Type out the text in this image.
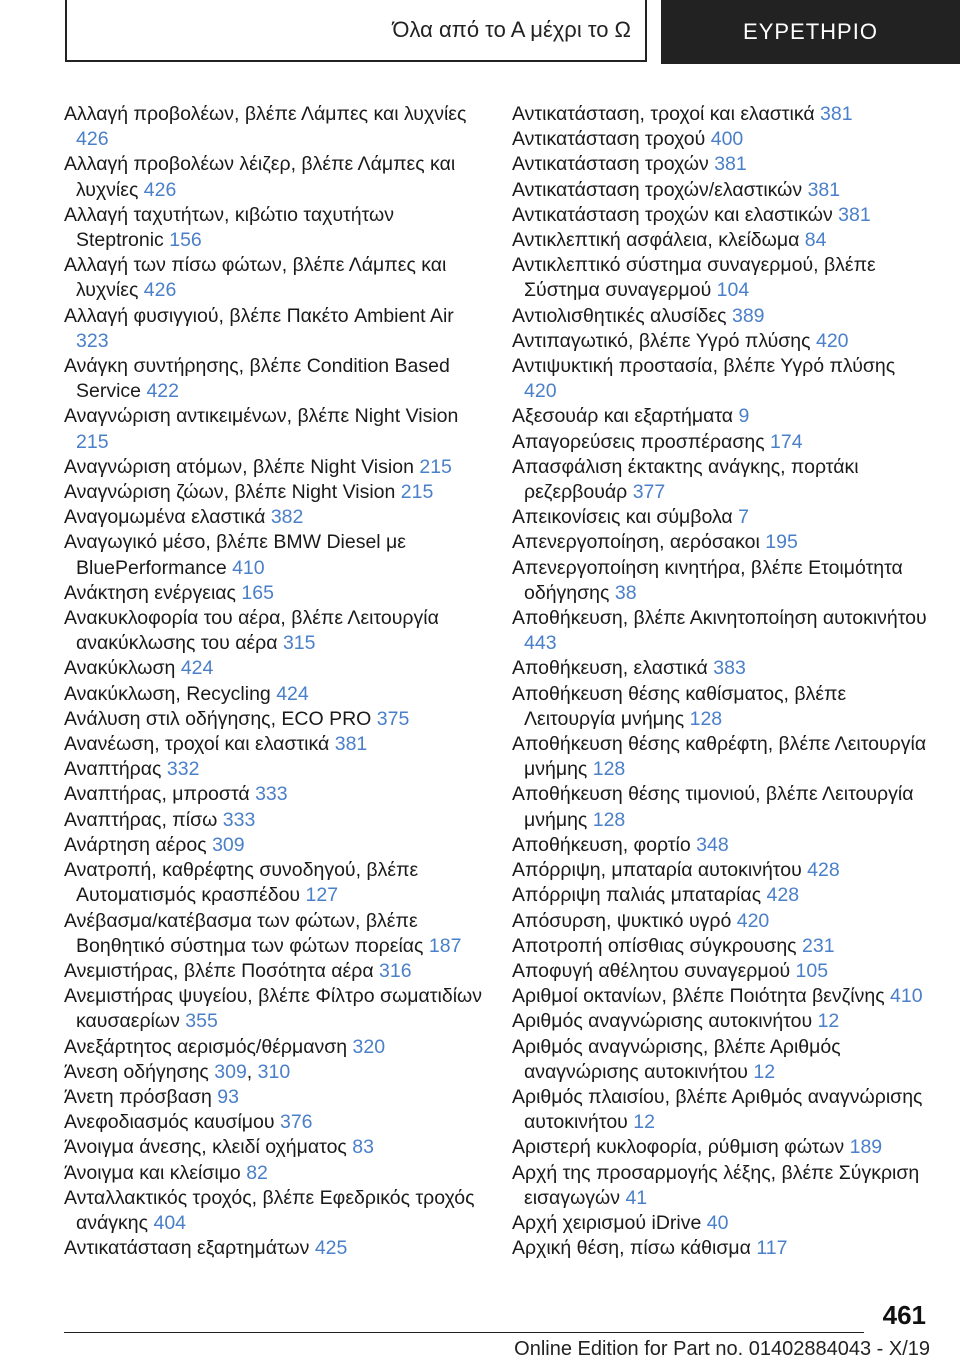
Όλα από το Α μέχρι το Ω	ΕΥΡΕΤΗΡΙΟ
Αλλαγή προβολέων, βλέπε Λάμπες και λυχνίες 426
Αλλαγή προβολέων λέιζερ, βλέπε Λάμπες και λυχνίες 426
Αλλαγή ταχυτήτων, κιβώτιο ταχυτήτων Steptronic 156
Αλλαγή των πίσω φώτων, βλέπε Λάμπες και λυχνίες 426
Αλλαγή φυσιγγιού, βλέπε Πακέτο Ambient Air 323
Ανάγκη συντήρησης, βλέπε Condition Based Service 422
Αναγνώριση αντικειμένων, βλέπε Night Vision 215
Αναγνώριση ατόμων, βλέπε Night Vision 215
Αναγνώριση ζώων, βλέπε Night Vision 215
Αναγομωμένα ελαστικά 382
Αναγωγικό μέσο, βλέπε BMW Diesel με BluePerformance 410
Ανάκτηση ενέργειας 165
Ανακυκλοφορία του αέρα, βλέπε Λειτουργία ανακύκλωσης του αέρα 315
Ανακύκλωση 424
Ανακύκλωση, Recycling 424
Ανάλυση στιλ οδήγησης, ECO PRO 375
Ανανέωση, τροχοί και ελαστικά 381
Αναπτήρας 332
Αναπτήρας, μπροστά 333
Αναπτήρας, πίσω 333
Ανάρτηση αέρος 309
Ανατροπή, καθρέφτης συνοδηγού, βλέπε Αυτοματισμός κρασπέδου 127
Ανέβασμα/κατέβασμα των φώτων, βλέπε Βοηθητικό σύστημα των φώτων πορείας 187
Ανεμιστήρας, βλέπε Ποσότητα αέρα 316
Ανεμιστήρας ψυγείου, βλέπε Φίλτρο σωματιδίων καυσαερίων 355
Ανεξάρτητος αερισμός/θέρμανση 320
Άνεση οδήγησης 309, 310
Άνετη πρόσβαση 93
Ανεφοδιασμός καυσίμου 376
Άνοιγμα άνεσης, κλειδί οχήματος 83
Άνοιγμα και κλείσιμο 82
Ανταλλακτικός τροχός, βλέπε Εφεδρικός τροχός ανάγκης 404
Αντικατάσταση εξαρτημάτων 425
Αντικατάσταση, τροχοί και ελαστικά 381
Αντικατάσταση τροχού 400
Αντικατάσταση τροχών 381
Αντικατάσταση τροχών/ελαστικών 381
Αντικατάσταση τροχών και ελαστικών 381
Αντικλεπτική ασφάλεια, κλείδωμα 84
Αντικλεπτικό σύστημα συναγερμού, βλέπε Σύστημα συναγερμού 104
Αντιολισθητικές αλυσίδες 389
Αντιπαγωτικό, βλέπε Υγρό πλύσης 420
Αντιψυκτική προστασία, βλέπε Υγρό πλύσης 420
Αξεσουάρ και εξαρτήματα 9
Απαγορεύσεις προσπέρασης 174
Απασφάλιση έκτακτης ανάγκης, πορτάκι ρεζερβουάρ 377
Απεικονίσεις και σύμβολα 7
Απενεργοποίηση, αερόσακοι 195
Απενεργοποίηση κινητήρα, βλέπε Ετοιμότητα οδήγησης 38
Αποθήκευση, βλέπε Ακινητοποίηση αυτοκινήτου 443
Αποθήκευση, ελαστικά 383
Αποθήκευση θέσης καθίσματος, βλέπε Λειτουργία μνήμης 128
Αποθήκευση θέσης καθρέφτη, βλέπε Λειτουργία μνήμης 128
Αποθήκευση θέσης τιμονιού, βλέπε Λειτουργία μνήμης 128
Αποθήκευση, φορτίο 348
Απόρριψη, μπαταρία αυτοκινήτου 428
Απόρριψη παλιάς μπαταρίας 428
Απόσυρση, ψυκτικό υγρό 420
Αποτροπή οπίσθιας σύγκρουσης 231
Αποφυγή αθέλητου συναγερμού 105
Αριθμοί οκτανίων, βλέπε Ποιότητα βενζίνης 410
Αριθμός αναγνώρισης αυτοκινήτου 12
Αριθμός αναγνώρισης, βλέπε Αριθμός αναγνώρισης αυτοκινήτου 12
Αριθμός πλαισίου, βλέπε Αριθμός αναγνώρισης αυτοκινήτου 12
Αριστερή κυκλοφορία, ρύθμιση φώτων 189
Αρχή της προσαρμογής λέξης, βλέπε Σύγκριση εισαγωγών 41
Αρχή χειρισμού iDrive 40
Αρχική θέση, πίσω κάθισμα 117
461
Online Edition for Part no. 01402884043 - X/19
